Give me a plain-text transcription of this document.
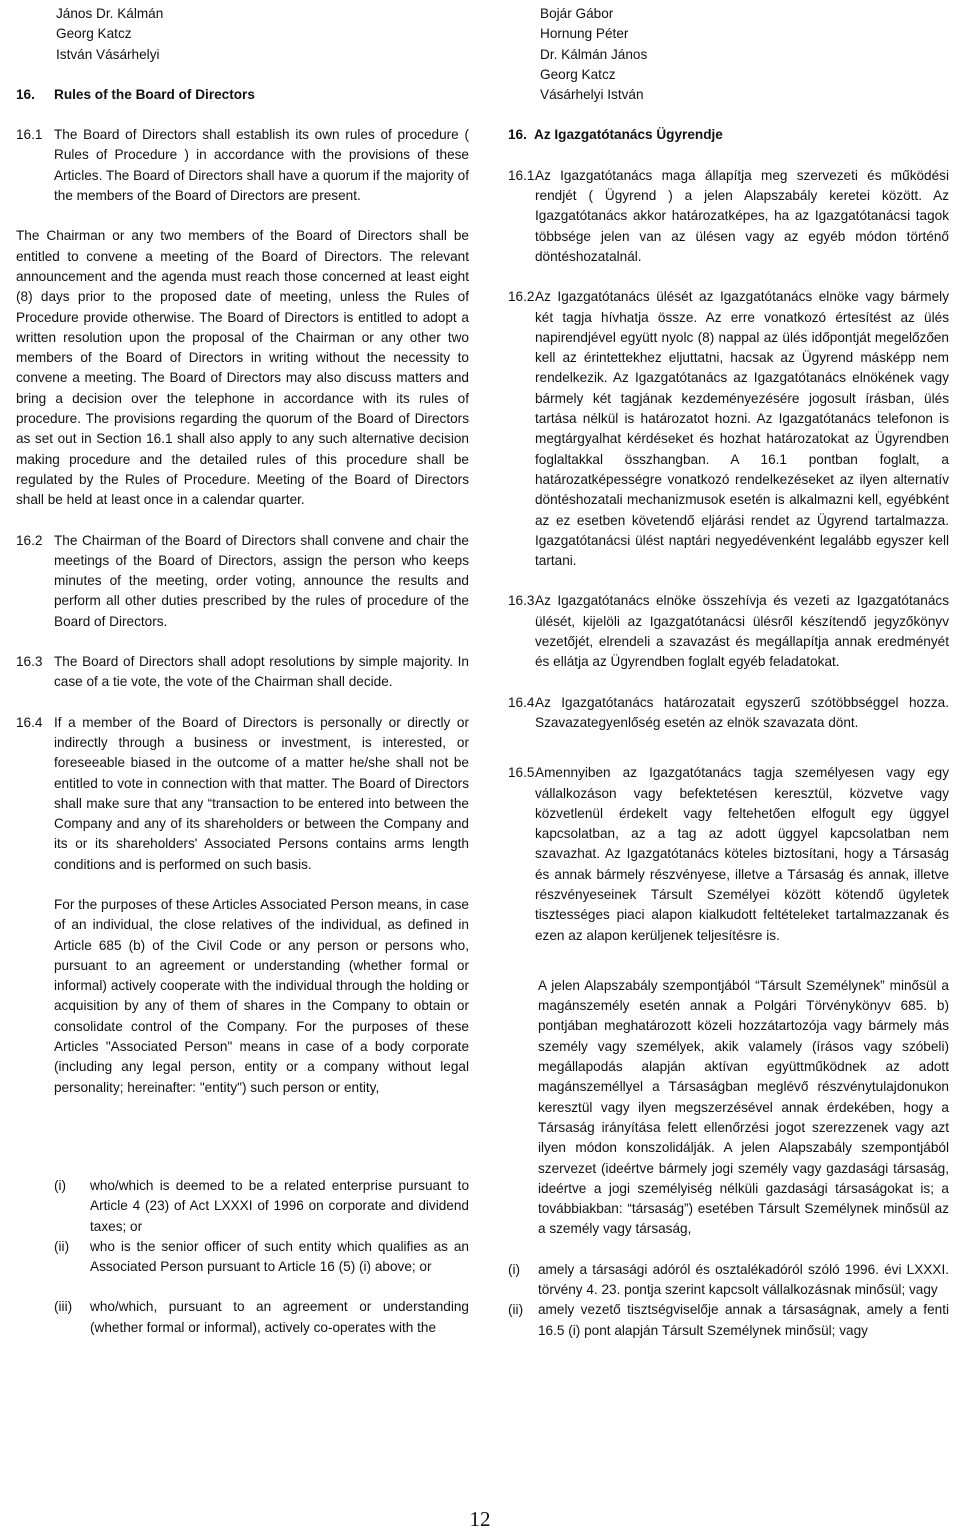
János Dr. Kálmán
Georg Katcz
István Vásárhelyi
16. Rules of the Board of Directors
16.1 The Board of Directors shall establish its own rules of procedure ( Rules of Procedure ) in accordance with the provisions of these Articles. The Board of Directors shall have a quorum if the majority of the members of the Board of Directors are present.
The Chairman or any two members of the Board of Directors shall be entitled to convene a meeting of the Board of Directors. The relevant announcement and the agenda must reach those concerned at least eight (8) days prior to the proposed date of meeting, unless the Rules of Procedure provide otherwise. The Board of Directors is entitled to adopt a written resolution upon the proposal of the Chairman or any other two members of the Board of Directors in writing without the necessity to convene a meeting. The Board of Directors may also discuss matters and bring a decision over the telephone in accordance with its rules of procedure. The provisions regarding the quorum of the Board of Directors as set out in Section 16.1 shall also apply to any such alternative decision making procedure and the detailed rules of this procedure shall be regulated by the Rules of Procedure. Meeting of the Board of Directors shall be held at least once in a calendar quarter.
16.2 The Chairman of the Board of Directors shall convene and chair the meetings of the Board of Directors, assign the person who keeps minutes of the meeting, order voting, announce the results and perform all other duties prescribed by the rules of procedure of the Board of Directors.
16.3 The Board of Directors shall adopt resolutions by simple majority. In case of a tie vote, the vote of the Chairman shall decide.
16.4 If a member of the Board of Directors is personally or directly or indirectly through a business or investment, is interested, or foreseeable biased in the outcome of a matter he/she shall not be entitled to vote in connection with that matter. The Board of Directors shall make sure that any “transaction to be entered into between the Company and any of its shareholders or between the Company and its or its shareholders' Associated Persons contains arms length conditions and is performed on such basis.
For the purposes of these Articles Associated Person means, in case of an individual, the close relatives of the individual, as defined in Article 685 (b) of the Civil Code or any person or persons who, pursuant to an agreement or understanding (whether formal or informal) actively cooperate with the individual through the holding or acquisition by any of them of shares in the Company to obtain or consolidate control of the Company. For the purposes of these Articles "Associated Person" means in case of a body corporate (including any legal person, entity or a company without legal personality; hereinafter: "entity") such person or entity,
(i)	who/which is deemed to be a related enterprise pursuant to Article 4 (23) of Act LXXXI of 1996 on corporate and dividend taxes; or
(ii)	who is the senior officer of such entity which qualifies as an Associated Person pursuant to Article 16 (5) (i) above; or
(iii)	who/which, pursuant to an agreement or understanding (whether formal or informal), actively co-operates with the
Bojár Gábor
Hornung Péter
Dr. Kálmán János
Georg Katcz
Vásárhelyi István
16. Az Igazgatótanács Ügyrendje
16.1 Az Igazgatótanács maga állapítja meg szervezeti és működési rendjét ( Ügyrend ) a jelen Alapszabály keretei között. Az Igazgatótanács akkor határozatképes, ha az Igazgatótanácsi tagok többsége jelen van az ülésen vagy az egyéb módon történő döntéshozatalnál.
16.2 Az Igazgatótanács ülését az Igazgatótanács elnöke vagy bármely két tagja hívhatja össze. Az erre vonatkozó értesítést az ülés napirendjével együtt nyolc (8) nappal az ülés időpontját megelőzően kell az érintettekhez eljuttatni, hacsak az Ügyrend másképp nem rendelkezik. Az Igazgatótanács az Igazgatótanács elnökének vagy bármely két tagjának kezdeményezésére jogosult írásban, ülés tartása nélkül is határozatot hozni. Az Igazgatótanács telefonon is megtárgyalhat kérdéseket és hozhat határozatokat az Ügyrendben foglaltakkal összhangban. A 16.1 pontban foglalt, a határozatképességre vonatkozó rendelkezéseket az ilyen alternatív döntéshozatali mechanizmusok esetén is alkalmazni kell, egyébként az ez esetben követendő eljárási rendet az Ügyrend tartalmazza. Igazgatótanácsi ülést naptári negyedévenként legalább egyszer kell tartani.
16.3 Az Igazgatótanács elnöke összehívja és vezeti az Igazgatótanács ülését, kijelöli az Igazgatótanácsi ülésről készítendő jegyzőkönyv vezetőjét, elrendeli a szavazást és megállapítja annak eredményét és ellátja az Ügyrendben foglalt egyéb feladatokat.
16.4 Az Igazgatótanács határozatait egyszerű szótöbbséggel hozza. Szavazategyenlőség esetén az elnök szavazata dönt.
16.5 Amennyiben az Igazgatótanács tagja személyesen vagy egy vállalkozáson vagy befektetésen keresztül, közvetve vagy közvetlenül érdekelt vagy feltehetően elfogult egy üggyel kapcsolatban, az a tag az adott üggyel kapcsolatban nem szavazhat. Az Igazgatótanács köteles biztosítani, hogy a Társaság és annak bármely részvényese, illetve a Társaság és annak, illetve részvényeseinek Társult Személyei között kötendő ügyletek tisztességes piaci alapon kialkudott feltételeket tartalmazzanak és ezen az alapon kerüljenek teljesítésre is.
A jelen Alapszabály szempontjából “Társult Személynek” minősül a magánszemély esetén annak a Polgári Törvénykönyv 685. b) pontjában meghatározott közeli hozzátartozója vagy bármely más személy vagy személyek, akik valamely (írásos vagy szóbeli) megállapodás alapján aktívan együttműködnek az adott magánszeméllyel a Társaságban meglévő részvénytulajdonukon keresztül vagy ilyen megszerzésével annak érdekében, hogy a Társaság irányítása felett ellenőrzési jogot szerezzenek vagy azt ilyen módon konszolidálják. A jelen Alapszabály szempontjából szervezet (ideértve bármely jogi személy vagy gazdasági társaság, ideértve a jogi személyiség nélküli gazdasági társaságokat is; a továbbiakban: “társaság”) esetében Társult Személynek minősül az a személy vagy társaság,
(i)	amely a társasági adóról és osztalékadóról szóló 1996. évi LXXXI. törvény 4. 23. pontja szerint kapcsolt vállalkozásnak minősül; vagy
(ii)	amely vezető tisztségviselője annak a társaságnak, amely a fenti 16.5 (i) pont alapján Társult Személynek minősül; vagy
12
